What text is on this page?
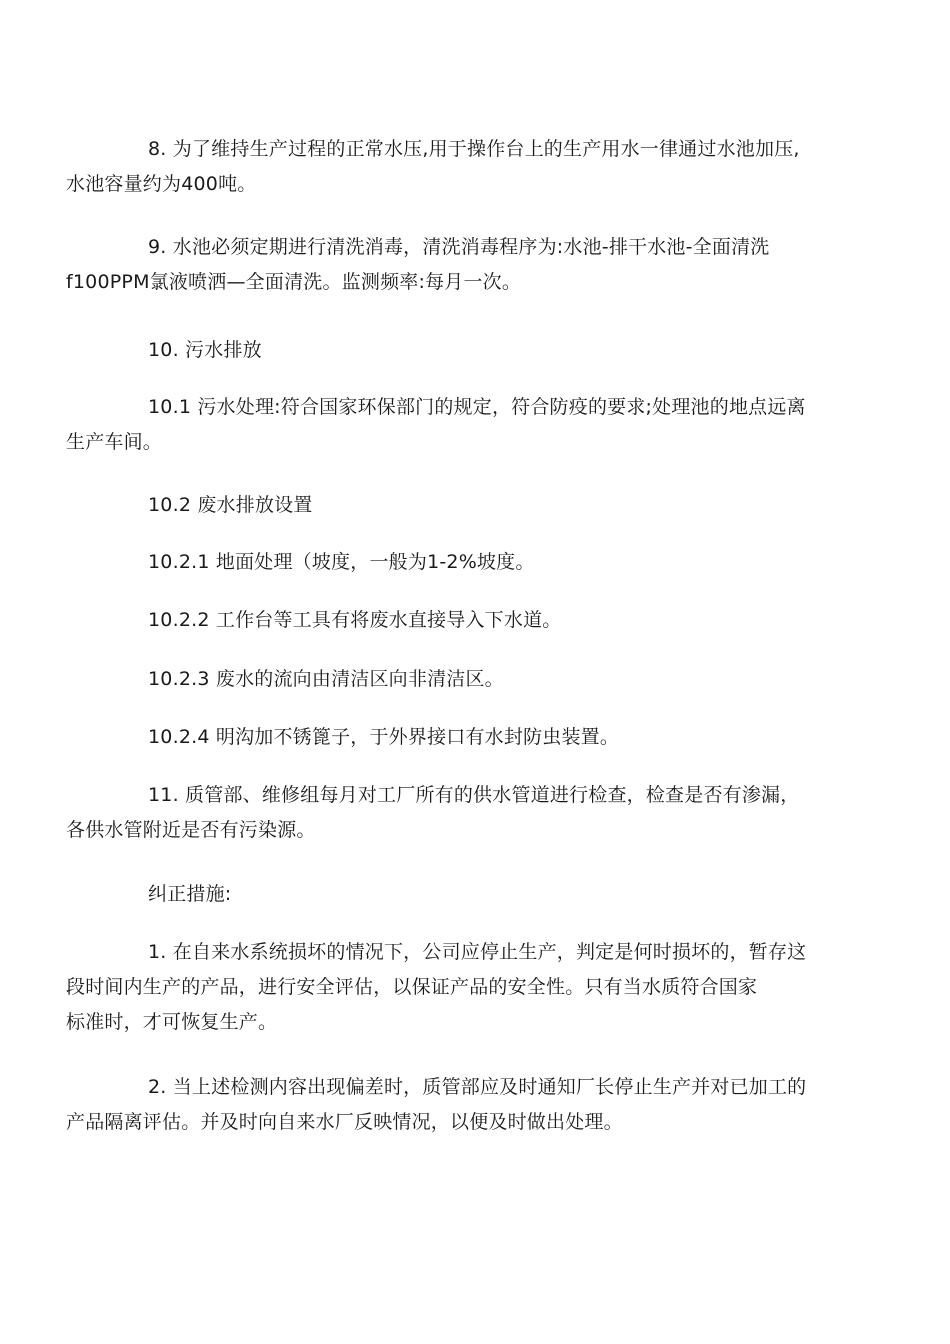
8. 为了维持生产过程的正常水压,用于操作台上的生产用水一律通过水池加压,
水池容量约为400吨。

9. 水池必须定期进行清洗消毒，清洗消毒程序为:水池-排干水池-全面清洗
f100PPM氯液喷洒—全面清洗。监测频率:每月一次。

10. 污水排放

10.1 污水处理:符合国家环保部门的规定，符合防疫的要求;处理池的地点远离
生产车间。

10.2 废水排放设置

10.2.1 地面处理（坡度，一般为1-2%坡度。

10.2.2 工作台等工具有将废水直接导入下水道。

10.2.3 废水的流向由清洁区向非清洁区。

10.2.4 明沟加不锈篦子，于外界接口有水封防虫装置。

11. 质管部、维修组每月对工厂所有的供水管道进行检查，检查是否有渗漏，
各供水管附近是否有污染源。

纠正措施:

1. 在自来水系统损坏的情况下，公司应停止生产，判定是何时损坏的，暂存这
段时间内生产的产品，进行安全评估，以保证产品的安全性。只有当水质符合国家
标准时，才可恢复生产。

2. 当上述检测内容出现偏差时，质管部应及时通知厂长停止生产并对已加工的
产品隔离评估。并及时向自来水厂反映情况，以便及时做出处理。
